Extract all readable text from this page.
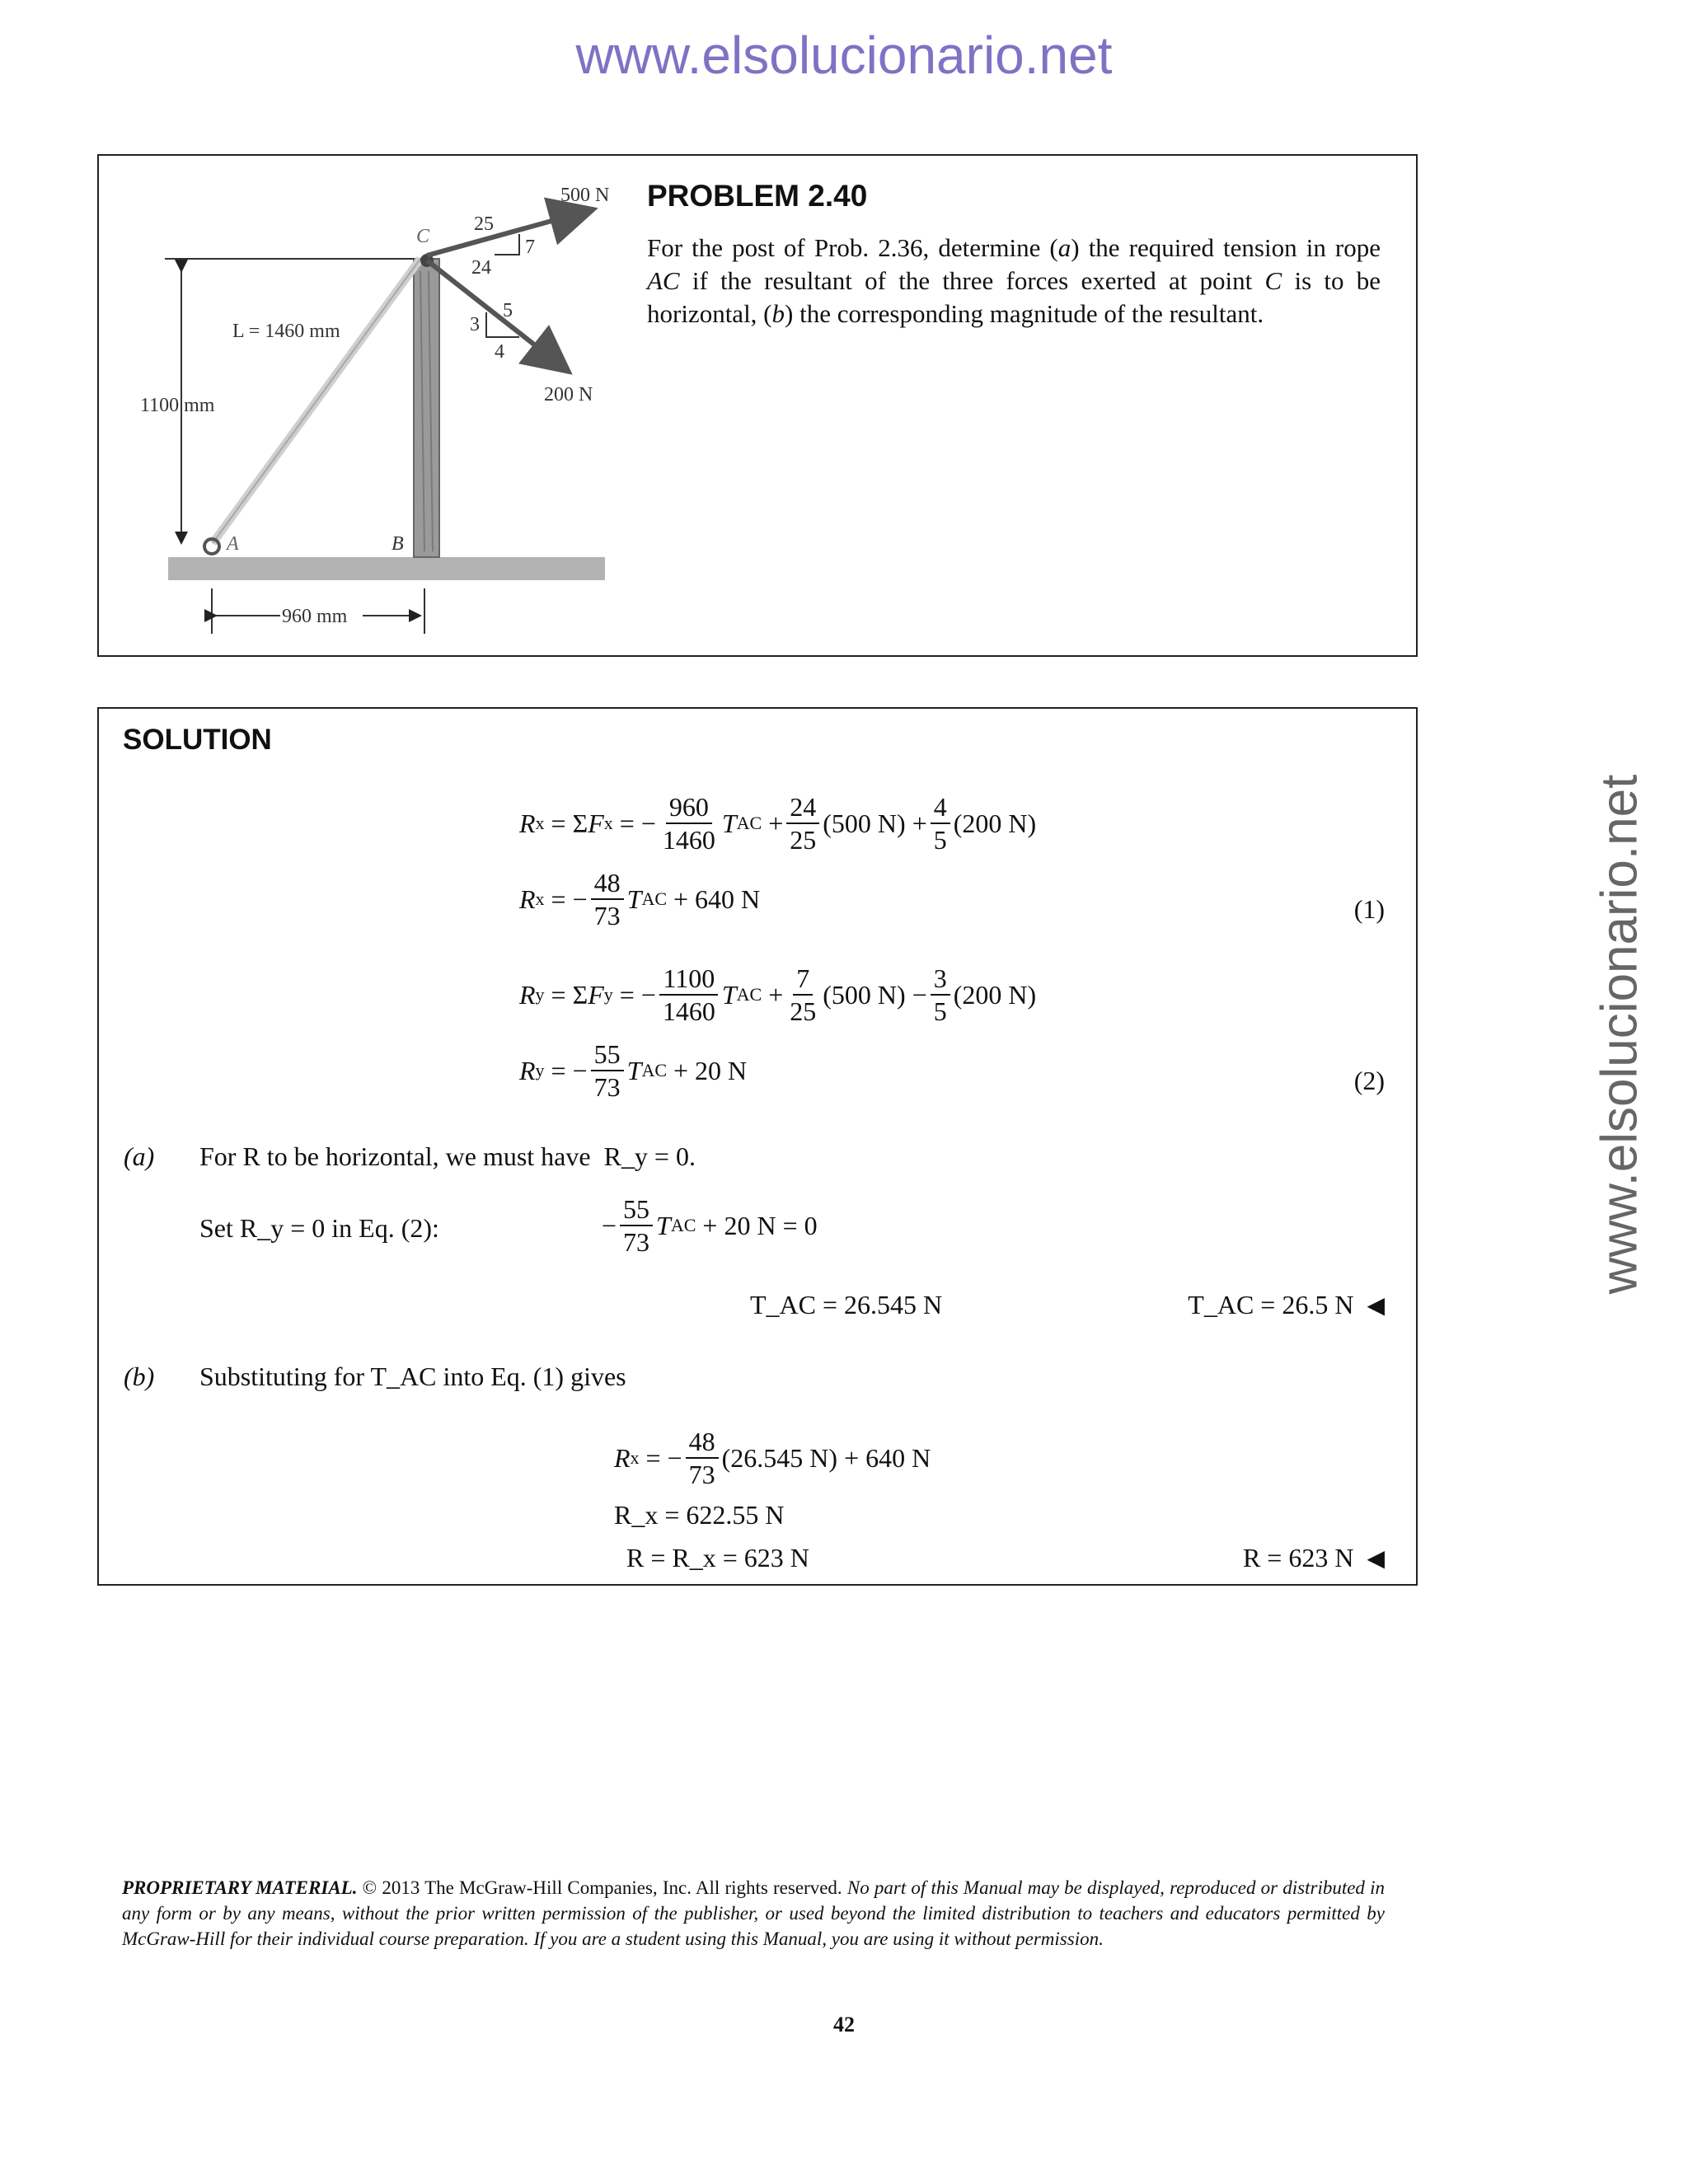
www.elsolucionario.net
www.elsolucionario.net
500 N
200 N
25
24
7
5
4
3
C
A	B
L = 1460 mm
1100 mm
960 mm
PROBLEM 2.40
For the post of Prob. 2.36, determine (a) the required tension in rope AC if the resultant of the three forces exerted at point C is to be horizontal, (b) the corresponding magnitude of the resultant.
SOLUTION
R x = Σ F x = − $\frac{960}{1460}$ T AC + $\frac{24}{25} (500$ $N) + \frac{4}{5} (200$ N)
R x = − $\frac{48}{73}$ T AC + 640 N	(1)
R y = Σ F y = − $\frac{1100}{1460}$ T AC + $\frac{7}{25} (500$ $N) - \frac{3}{5} (200$ N)
R y = − $\frac{55}{73}$ T AC + 20 N	(2)
(a) For R to be horizontal, we must have R_y = 0.
Set R_y = 0 in Eq. (2):	− $\frac{55}{73}$ T AC + 20 N = 0
T_AC = 26.545 N	T_AC = 26.5 N ◀
(b) Substituting for T_AC into Eq. (1) gives
R x = − $\frac{48}{73} (26.545$ N) + 640 N
R_x = 622.55 N
R = R_x = 623 N	R = 623 N ◀
PROPRIETARY MATERIAL. © 2013 The McGraw-Hill Companies, Inc. All rights reserved. No part of this Manual may be displayed, reproduced or distributed in any form or by any means, without the prior written permission of the publisher, or used beyond the limited distribution to teachers and educators permitted by McGraw-Hill for their individual course preparation. If you are a student using this Manual, you are using it without permission.
42
